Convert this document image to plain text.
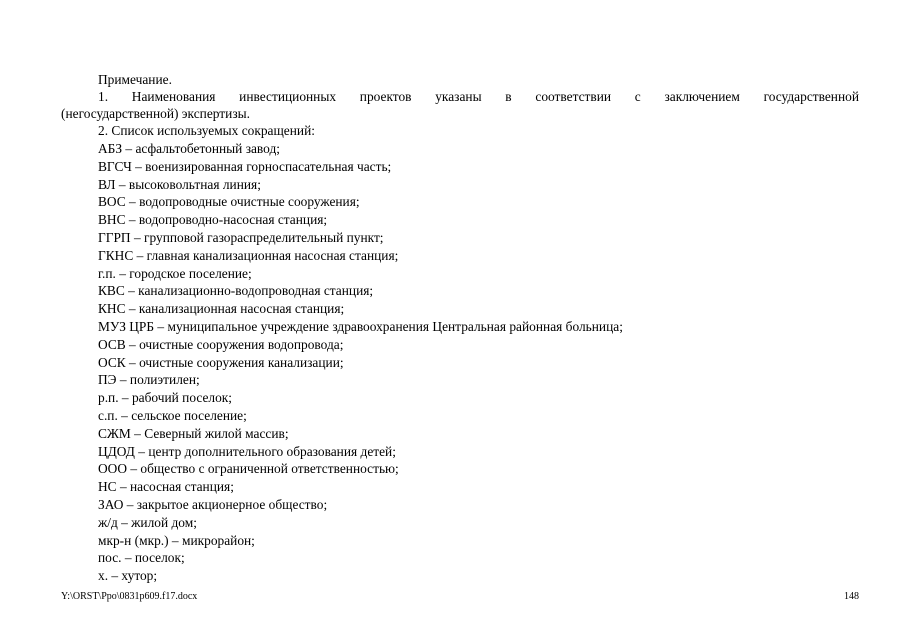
Примечание.
1. Наименования инвестиционных проектов указаны в соответствии с заключением государственной
(негосударственной) экспертизы.
2. Список используемых сокращений:
АБЗ – асфальтобетонный завод;
ВГСЧ – военизированная горноспасательная часть;
ВЛ – высоковольтная линия;
ВОС – водопроводные очистные сооружения;
ВНС – водопроводно-насосная станция;
ГГРП – групповой газораспределительный пункт;
ГКНС – главная канализационная насосная станция;
г.п. – городское поселение;
КВС – канализационно-водопроводная станция;
КНС – канализационная насосная станция;
МУЗ ЦРБ – муниципальное учреждение здравоохранения Центральная районная больница;
ОСВ – очистные сооружения водопровода;
ОСК – очистные сооружения канализации;
ПЭ – полиэтилен;
р.п. – рабочий поселок;
с.п. – сельское поселение;
СЖМ – Северный жилой массив;
ЦДОД – центр дополнительного образования детей;
ООО – общество с ограниченной ответственностью;
НС – насосная станция;
ЗАО – закрытое акционерное общество;
ж/д – жилой дом;
мкр-н (мкр.) – микрорайон;
пос. – поселок;
х. – хутор;
Y:\ORST\Ppo\0831p609.f17.docx	148
